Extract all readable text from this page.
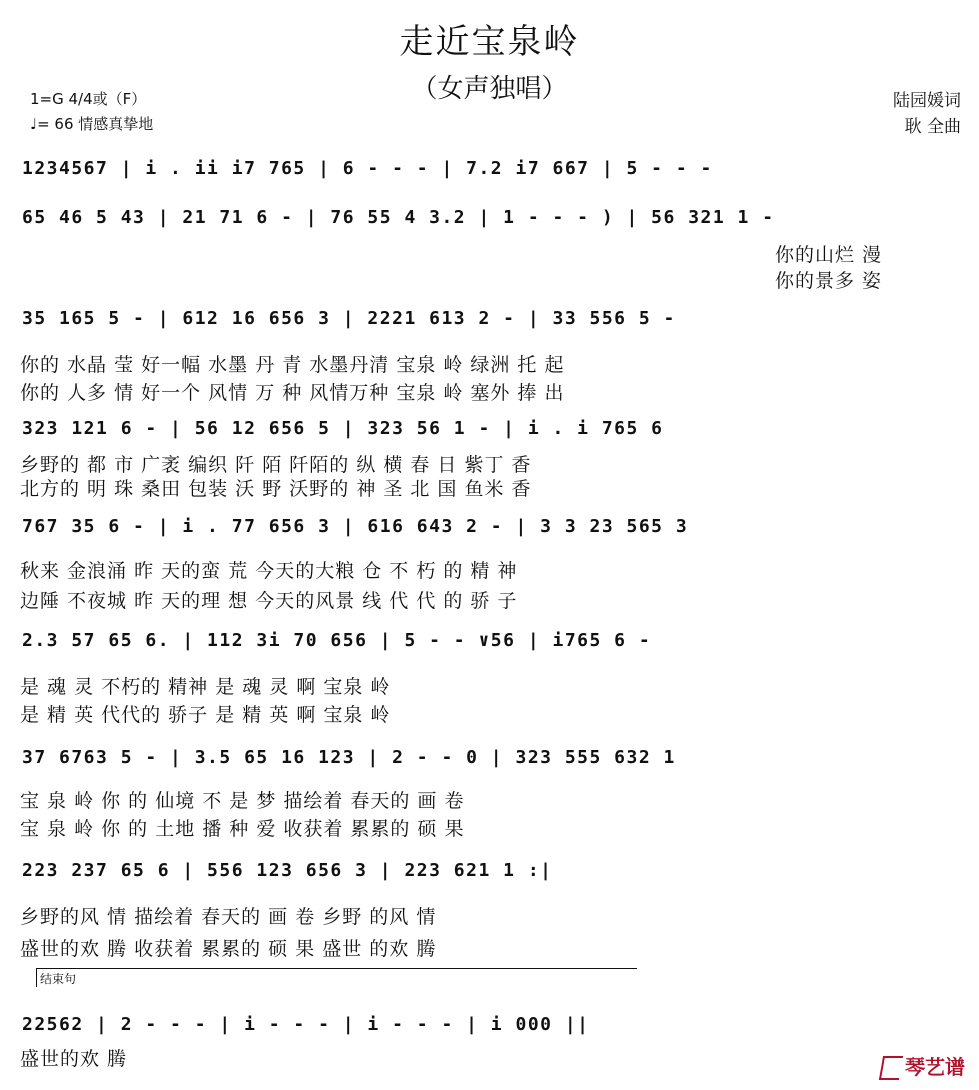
走近宝泉岭
（女声独唱）
1=G 4/4或（F）
♩= 66 情感真挚地
陆园媛词
耿 全曲
1234567 | i . ii i7 765 | 6 - - - | 7.2 i7 667 | 5 - - -
65 46 5 43 | 21 71 6 - | 76 55 4 3.2 | 1 - - - ) | 56 321 1 -
你的山烂 漫
你的景多 姿
35 165 5 - | 612 16 656 3 | 2221 613 2 - | 33 556 5 -
你的 水晶 莹 好一幅 水墨 丹 青 水墨丹清 宝泉 岭 绿洲 托 起
你的 人多 情 好一个 风情 万 种 风情万种 宝泉 岭 塞外 捧 出
323 121 6 - | 56 12 656 5 | 323 56 1 - | i . i 765 6
乡野的 都 市 广袤 编织 阡 陌 阡陌的 纵 横 春 日 紫丁 香
北方的 明 珠 桑田 包装 沃 野 沃野的 神 圣 北 国 鱼米 香
767 35 6 - | i . 77 656 3 | 616 643 2 - | 3 3 23 565 3
秋来 金浪涌 昨 天的蛮 荒 今天的大粮 仓 不 朽 的 精 神
边陲 不夜城 昨 天的理 想 今天的风景 线 代 代 的 骄 子
2.3 57 65 6. | 112 3i 70 656 | 5 - - ∨56 | i765 6 -
是 魂 灵 不朽的 精神 是 魂 灵 啊 宝泉 岭
是 精 英 代代的 骄子 是 精 英 啊 宝泉 岭
37 6763 5 - | 3.5 65 16 123 | 2 - - 0 | 323 555 632 1
宝 泉 岭 你 的 仙境 不 是 梦 描绘着 春天的 画 卷
宝 泉 岭 你 的 土地 播 种 爱 收获着 累累的 硕 果
223 237 65 6 | 556 123 656 3 | 223 621 1 :|
乡野的风 情 描绘着 春天的 画 卷 乡野 的风 情
盛世的欢 腾 收获着 累累的 硕 果 盛世 的欢 腾
结束句
22562 | 2 - - - | i - - - | i - - - | i 000 ||
盛世的欢 腾	琴艺谱
